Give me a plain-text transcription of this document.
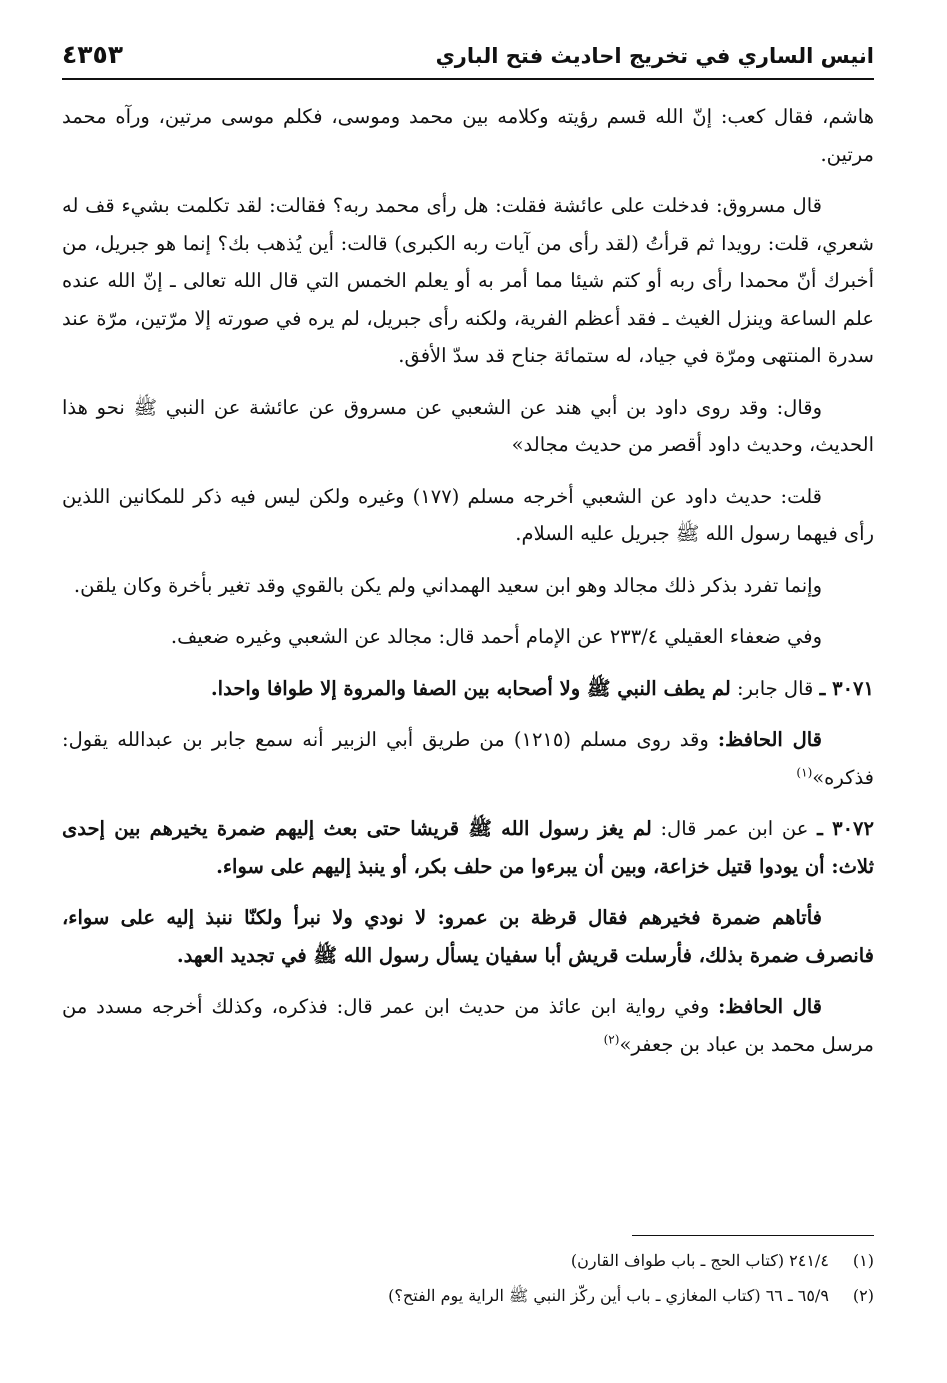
انيس الساري في تخريج احاديث فتح الباري
٤٣٥٣

هاشم، فقال كعب: إنّ الله قسم رؤيته وكلامه بين محمد وموسى، فكلم موسى مرتين، ورآه محمد مرتين.

قال مسروق: فدخلت على عائشة فقلت: هل رأى محمد ربه؟ فقالت: لقد تكلمت بشيء قف له شعري، قلت: رويدا ثم قرأتُ (لقد رأى من آيات ربه الكبرى) قالت: أين يُذهب بك؟ إنما هو جبريل، من أخبرك أنّ محمدا رأى ربه أو كتم شيئا مما أمر به أو يعلم الخمس التي قال الله تعالى ـ إنّ الله عنده علم الساعة وينزل الغيث ـ فقد أعظم الفرية، ولكنه رأى جبريل، لم يره في صورته إلا مرّتين، مرّة عند سدرة المنتهى ومرّة في جياد، له ستمائة جناح قد سدّ الأفق.

وقال: وقد روى داود بن أبي هند عن الشعبي عن مسروق عن عائشة عن النبي ﷺ نحو هذا الحديث، وحديث داود أقصر من حديث مجالد»

قلت: حديث داود عن الشعبي أخرجه مسلم (١٧٧) وغيره ولكن ليس فيه ذكر للمكانين اللذين رأى فيهما رسول الله ﷺ جبريل عليه السلام.

وإنما تفرد بذكر ذلك مجالد وهو ابن سعيد الهمداني ولم يكن بالقوي وقد تغير بأخرة وكان يلقن.

وفي ضعفاء العقيلي ٢٣٣/٤ عن الإمام أحمد قال: مجالد عن الشعبي وغيره ضعيف.

٣٠٧١ ـ قال جابر: لم يطف النبي ﷺ ولا أصحابه بين الصفا والمروة إلا طوافا واحدا.

قال الحافظ: وقد روى مسلم (١٢١٥) من طريق أبي الزبير أنه سمع جابر بن عبدالله يقول: فذكره»$^{(١)}$

٣٠٧٢ ـ عن ابن عمر قال: لم يغز رسول الله ﷺ قريشا حتى بعث إليهم ضمرة يخيرهم بين إحدى ثلاث: أن يودوا قتيل خزاعة، وبين أن يبرءوا من حلف بكر، أو ينبذ إليهم على سواء.

فأتاهم ضمرة فخيرهم فقال قرظة بن عمرو: لا نودي ولا نبرأ ولكنّا ننبذ إليه على سواء، فانصرف ضمرة بذلك، فأرسلت قريش أبا سفيان يسأل رسول الله ﷺ في تجديد العهد.

قال الحافظ: وفي رواية ابن عائذ من حديث ابن عمر قال: فذكره، وكذلك أخرجه مسدد من مرسل محمد بن عباد بن جعفر»$^{(٢)}$

(١) ٢٤١/٤ (كتاب الحج ـ باب طواف القارن)
(٢) ٦٥/٩ ـ ٦٦ (كتاب المغازي ـ باب أين ركّز النبي ﷺ الراية يوم الفتح؟)
